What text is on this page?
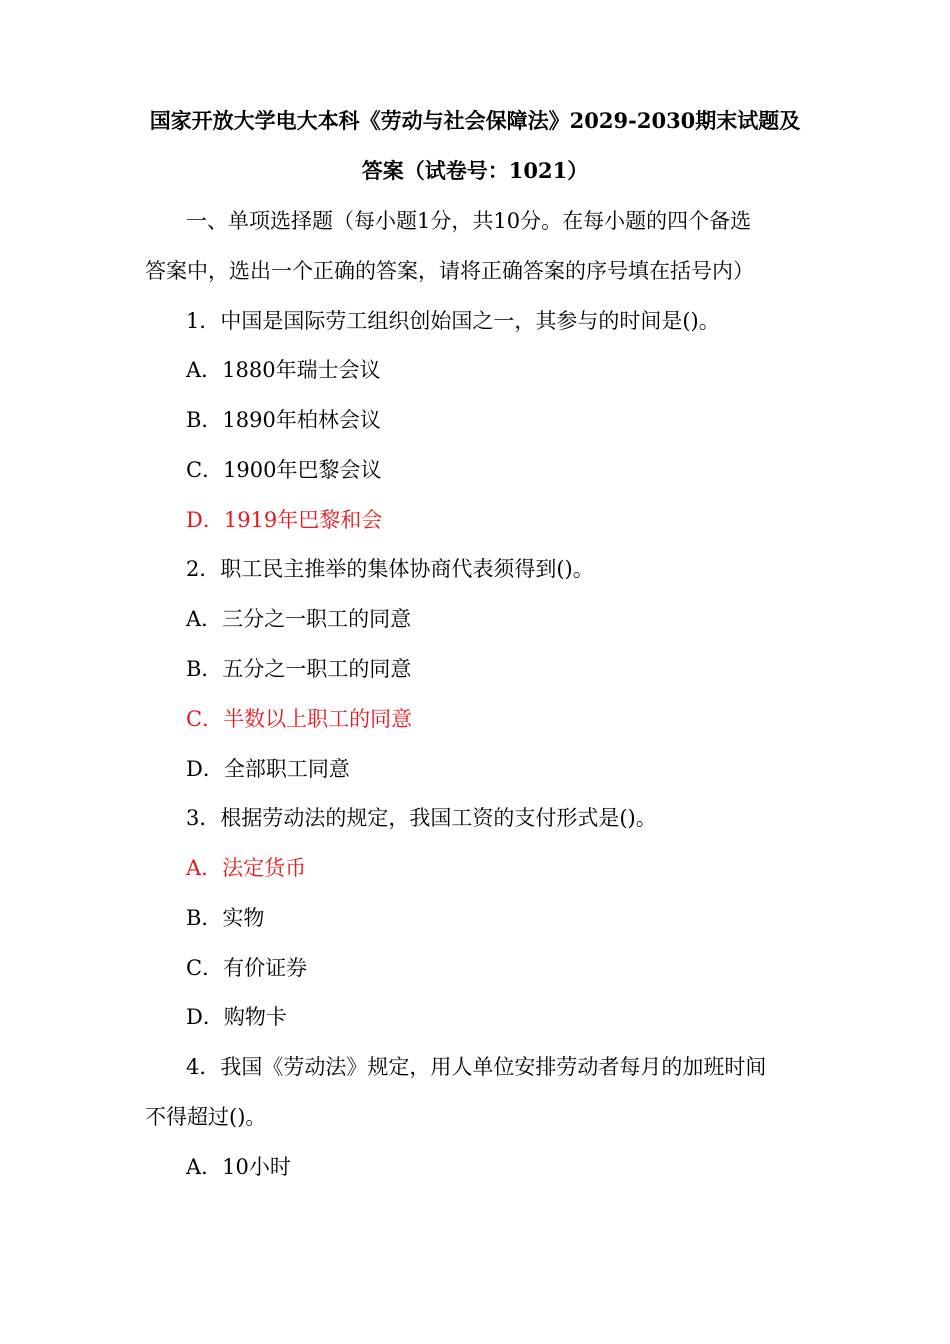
国家开放大学电大本科《劳动与社会保障法》2029-2030期末试题及
答案（试卷号：1021）
一、单项选择题（每小题1分，共10分。在每小题的四个备选
答案中，选出一个正确的答案，请将正确答案的序号填在括号内）
1．中国是国际劳工组织创始国之一，其参与的时间是()。
A．1880年瑞士会议
B．1890年柏林会议
C．1900年巴黎会议
D．1919年巴黎和会
2．职工民主推举的集体协商代表须得到()。
A．三分之一职工的同意
B．五分之一职工的同意
C．半数以上职工的同意
D．全部职工同意
3．根据劳动法的规定，我国工资的支付形式是()。
A．法定货币
B．实物
C．有价证券
D．购物卡
4．我国《劳动法》规定，用人单位安排劳动者每月的加班时间
不得超过()。
A．10小时
